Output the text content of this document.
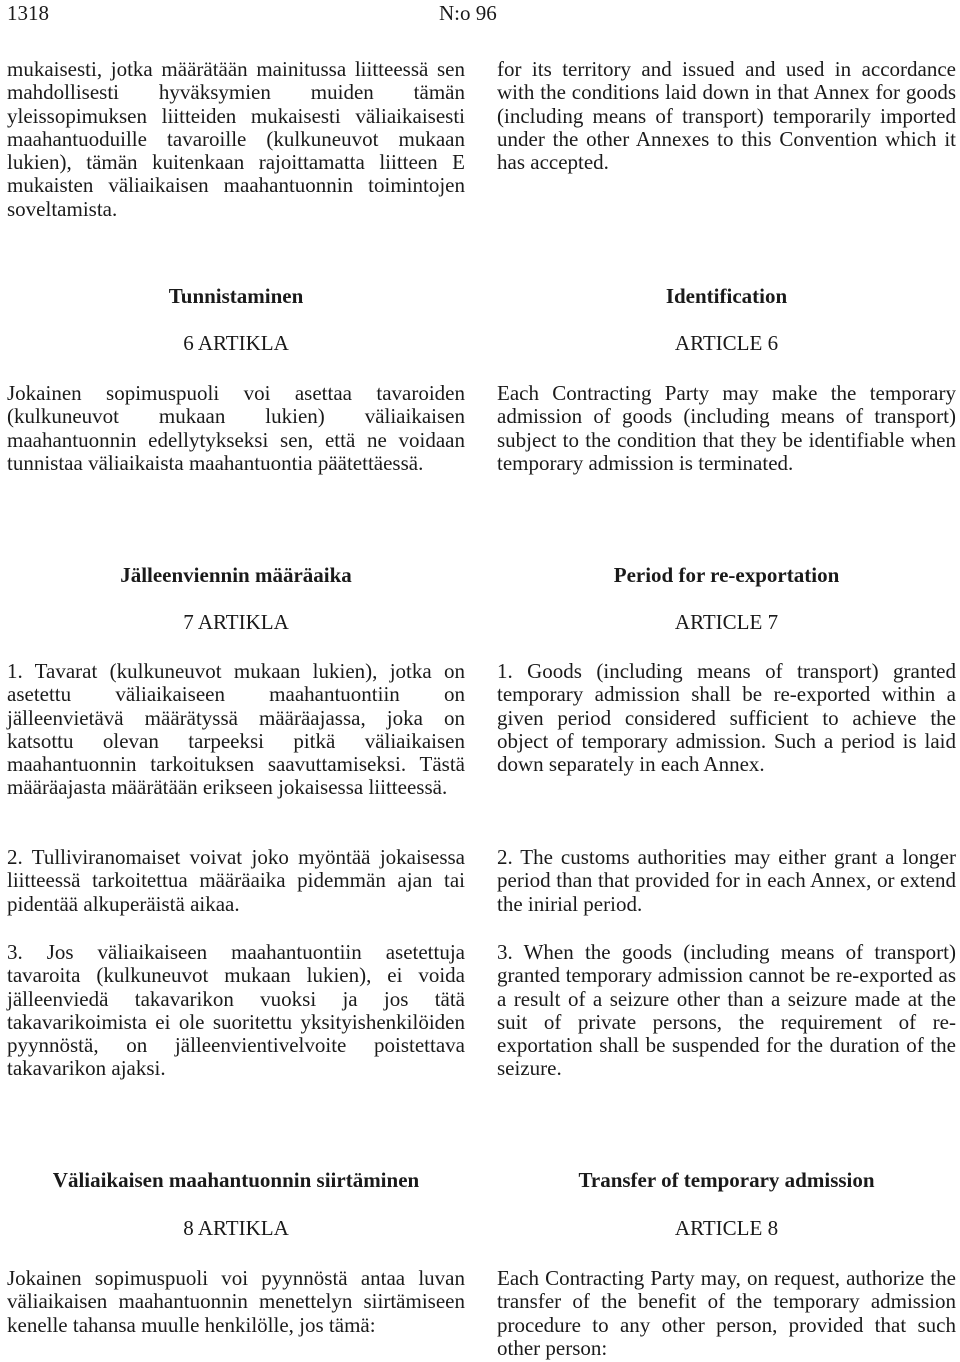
1318	N:o 96

mukaisesti, jotka määrätään mainitussa liitteessä sen mahdollisesti hyväksymien muiden tämän yleissopimuksen liitteiden mukaisesti väliaikaisesti maahantuoduille tavaroille (kulkuneuvot mukaan lukien), tämän kuitenkaan rajoittamatta liitteen E mukaisten väliaikaisen maahantuonnin toimintojen soveltamista.

for its territory and issued and used in accordance with the conditions laid down in that Annex for goods (including means of transport) temporarily imported under the other Annexes to this Convention which it has accepted.

Tunnistaminen	Identification
6 ARTIKLA	ARTICLE 6

Jokainen sopimuspuoli voi asettaa tavaroiden (kulkuneuvot mukaan lukien) väliaikaisen maahantuonnin edellytykseksi sen, että ne voidaan tunnistaa väliaikaista maahantuontia päätettäessä.

Each Contracting Party may make the temporary admission of goods (including means of transport) subject to the condition that they be identifiable when temporary admission is terminated.

Jälleenviennin määräaika	Period for re-exportation
7 ARTIKLA	ARTICLE 7

1. Tavarat (kulkuneuvot mukaan lukien), jotka on asetettu väliaikaiseen maahantuontiin on jälleenvietävä määrätyssä määräajassa, joka on katsottu olevan tarpeeksi pitkä väliaikaisen maahantuonnin tarkoituksen saavuttamiseksi. Tästä määräajasta määrätään erikseen jokaisessa liitteessä.

2. Tulliviranomaiset voivat joko myöntää jokaisessa liitteessä tarkoitettua määräaika pidemmän ajan tai pidentää alkuperäistä aikaa.

3. Jos väliaikaiseen maahantuontiin asetettuja tavaroita (kulkuneuvot mukaan lukien), ei voida jälleenviedä takavarikon vuoksi ja jos tätä takavarikoimista ei ole suoritettu yksityishenkilöiden pyynnöstä, on jälleenvientivelvoite poistettava takavarikon ajaksi.

1. Goods (including means of transport) granted temporary admission shall be re-exported within a given period considered sufficient to achieve the object of temporary admission. Such a period is laid down separately in each Annex.

2. The customs authorities may either grant a longer period than that provided for in each Annex, or extend the inirial period.

3. When the goods (including means of transport) granted temporary admission cannot be re-exported as a result of a seizure other than a seizure made at the suit of private persons, the requirement of re-exportation shall be suspended for the duration of the seizure.

Väliaikaisen maahantuonnin siirtäminen	Transfer of temporary admission
8 ARTIKLA	ARTICLE 8

Jokainen sopimuspuoli voi pyynnöstä antaa luvan väliaikaisen maahantuonnin menettelyn siirtämiseen kenelle tahansa muulle henkilölle, jos tämä:

Each Contracting Party may, on request, authorize the transfer of the benefit of the temporary admission procedure to any other person, provided that such other person:
